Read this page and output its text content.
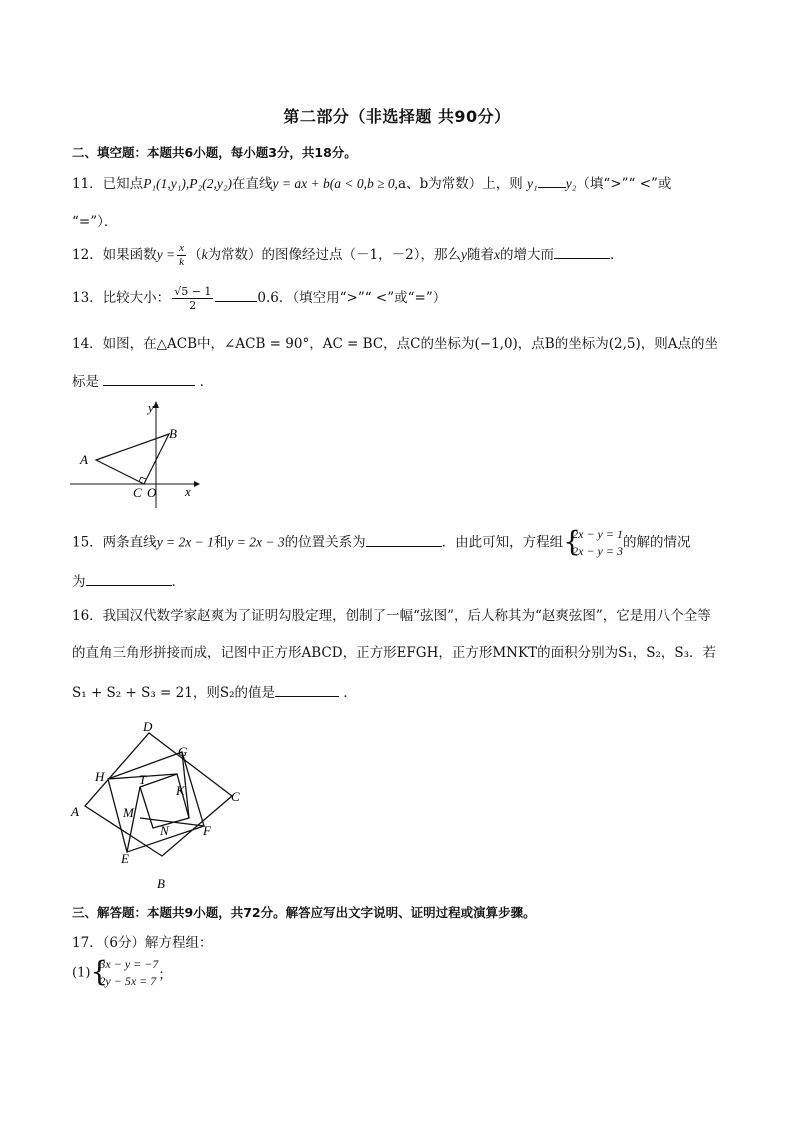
第二部分（非选择题 共90分）
二、填空题：本题共6小题，每小题3分，共18分。
11．已知点P₁(1,y₁),P₂(2,y₂)在直线y = ax + b(a < 0,b ≥ 0,a、b为常数）上，则 y₁ y₂（填“>”“ <”或
“=”）．
12．如果函数$y = \frac{x}{k} (k$为常数）的图像经过点（－1，－2），那么y随着x的增大而	．
13．比较大小： $\frac{√5 - 1}{2}$	0.6．（填空用“>”“ <”或“=”）
14．如图，在△ACB中，∠ACB = 90°，AC = BC，点C的坐标为(−1,0)，点B的坐标为(2,5)，则A点的坐
标是	．
y
x
A
B
C O
15．两条直线y = 2x − 1和y = 2x − 3的位置关系为	．由此可知，方程组 {
2x − y = 1
2x − y = 3
的解的情况
为	．
16．我国汉代数学家赵爽为了证明勾股定理，创制了一幅“弦图”，后人称其为“赵爽弦图”，它是用八个全等
的直角三角形拼接而成，记图中正方形ABCD，正方形EFGH，正方形MNKT的面积分别为S₁，S₂，S₃．若
S₁ + S₂ + S₃ = 21，则S₂的值是	．
D
G
H	T
K	C
A	M
N	F
E
B
三、解答题：本题共9小题，共72分。解答应写出文字说明、证明过程或演算步骤。
17．（6分）解方程组：
(1) {
3x − y = −7
2y − 5x = 7 ；
